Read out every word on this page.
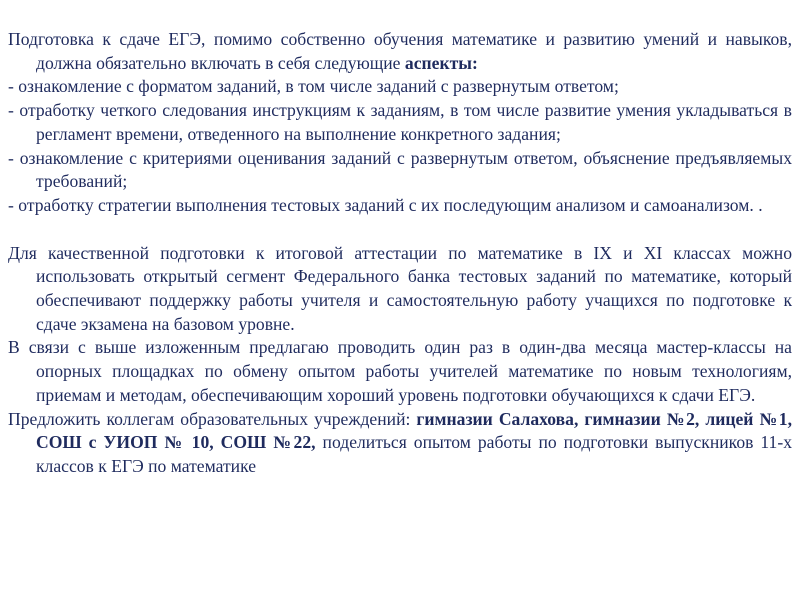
Подготовка к сдаче ЕГЭ, помимо собственно обучения математике и развитию умений и навыков, должна обязательно включать в себя следующие аспекты:

- ознакомление с форматом заданий, в том числе заданий с развернутым ответом;

- отработку четкого следования инструкциям к заданиям, в том числе развитие умения укладываться в регламент времени, отведенного на выполнение конкретного задания;

- ознакомление с критериями оценивания заданий с развернутым ответом, объяснение предъявляемых требований;

- отработку стратегии выполнения тестовых заданий с их последующим анализом и самоанализом. .

Для качественной подготовки к итоговой аттестации по математике в IX и XI классах можно использовать открытый сегмент Федерального банка тестовых заданий по математике, который обеспечивают поддержку работы учителя и самостоятельную работу учащихся по подготовке к сдаче экзамена на базовом уровне.

В связи с выше изложенным предлагаю проводить один раз в один-два месяца мастер-классы на опорных площадках по обмену опытом работы учителей математике по новым технологиям, приемам и методам, обеспечивающим хороший уровень подготовки обучающихся к сдачи ЕГЭ.

Предложить коллегам образовательных учреждений: гимназии Салахова, гимназии №2, лицей №1, СОШ с УИОП № 10, СОШ №22, поделиться опытом работы по подготовки выпускников 11-х классов к ЕГЭ по математике
